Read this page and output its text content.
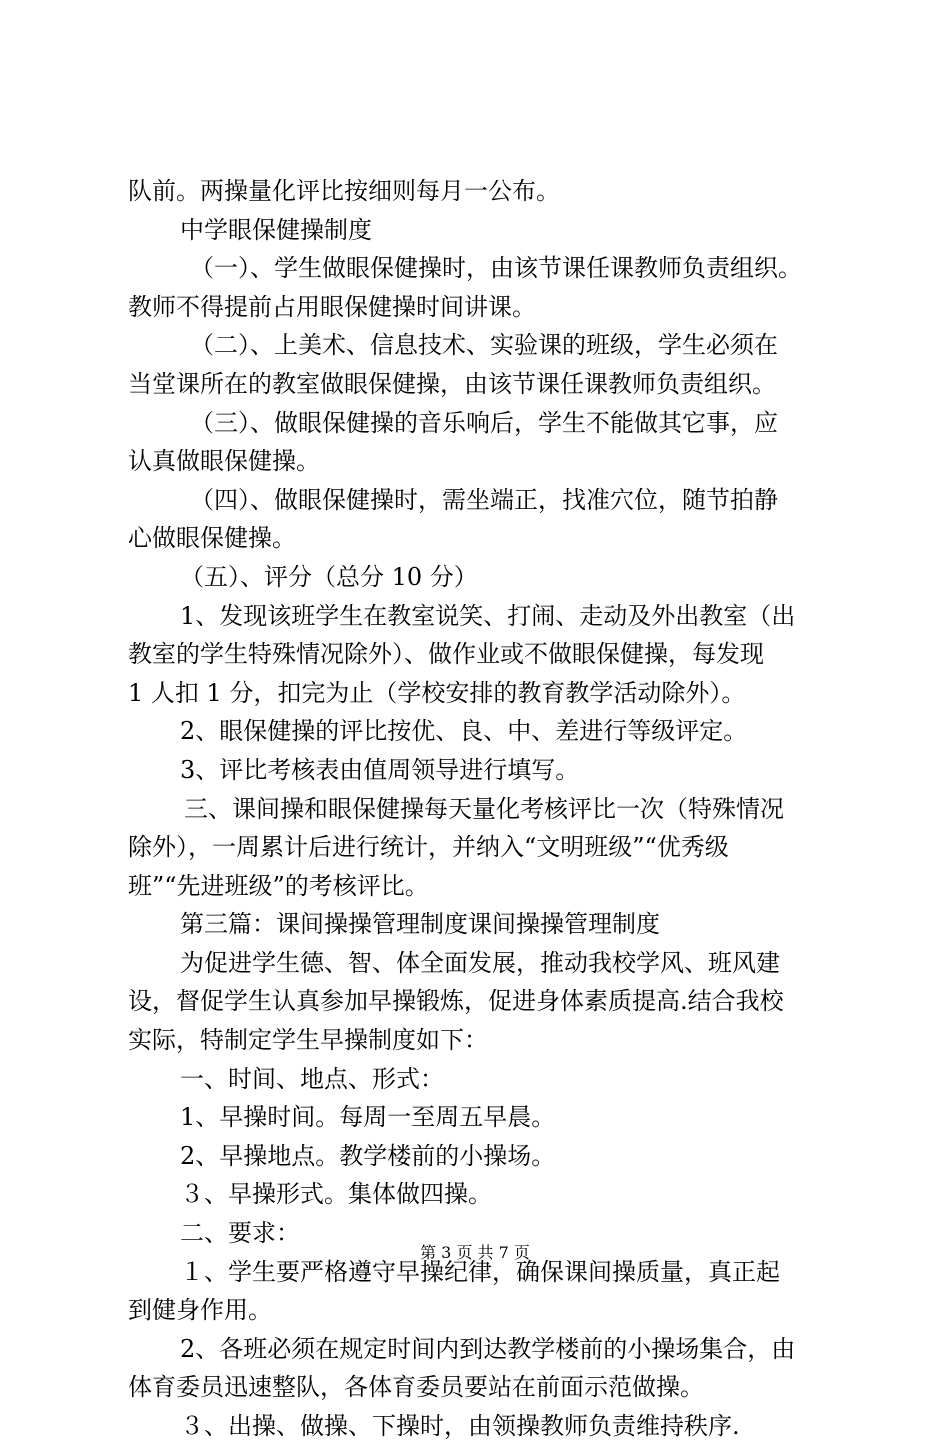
队前。两操量化评比按细则每月一公布。
中学眼保健操制度
（一）、学生做眼保健操时，由该节课任课教师负责组织。
教师不得提前占用眼保健操时间讲课。
（二）、上美术、信息技术、实验课的班级，学生必须在
当堂课所在的教室做眼保健操，由该节课任课教师负责组织。
（三）、做眼保健操的音乐响后，学生不能做其它事，应
认真做眼保健操。
（四）、做眼保健操时，需坐端正，找准穴位，随节拍静
心做眼保健操。
（五）、评分（总分 10 分）
1、发现该班学生在教室说笑、打闹、走动及外出教室（出
教室的学生特殊情况除外）、做作业或不做眼保健操，每发现
1 人扣 1 分，扣完为止（学校安排的教育教学活动除外）。
2、眼保健操的评比按优、良、中、差进行等级评定。
3、评比考核表由值周领导进行填写。
三、课间操和眼保健操每天量化考核评比一次（特殊情况
除外），一周累计后进行统计，并纳入“文明班级”“优秀级
班”“先进班级”的考核评比。
第三篇：课间操操管理制度课间操操管理制度
为促进学生德、智、体全面发展，推动我校学风、班风建
设，督促学生认真参加早操锻炼，促进身体素质提高.结合我校
实际，特制定学生早操制度如下：
一、时间、地点、形式：
1、早操时间。每周一至周五早晨。
2、早操地点。教学楼前的小操场。
３、早操形式。集体做四操。
二、要求：
１、学生要严格遵守早操纪律，确保课间操质量，真正起
到健身作用。
2、各班必须在规定时间内到达教学楼前的小操场集合，由
体育委员迅速整队，各体育委员要站在前面示范做操。
３、出操、做操、下操时，由领操教师负责维持秩序.
第 3 页 共 7 页
